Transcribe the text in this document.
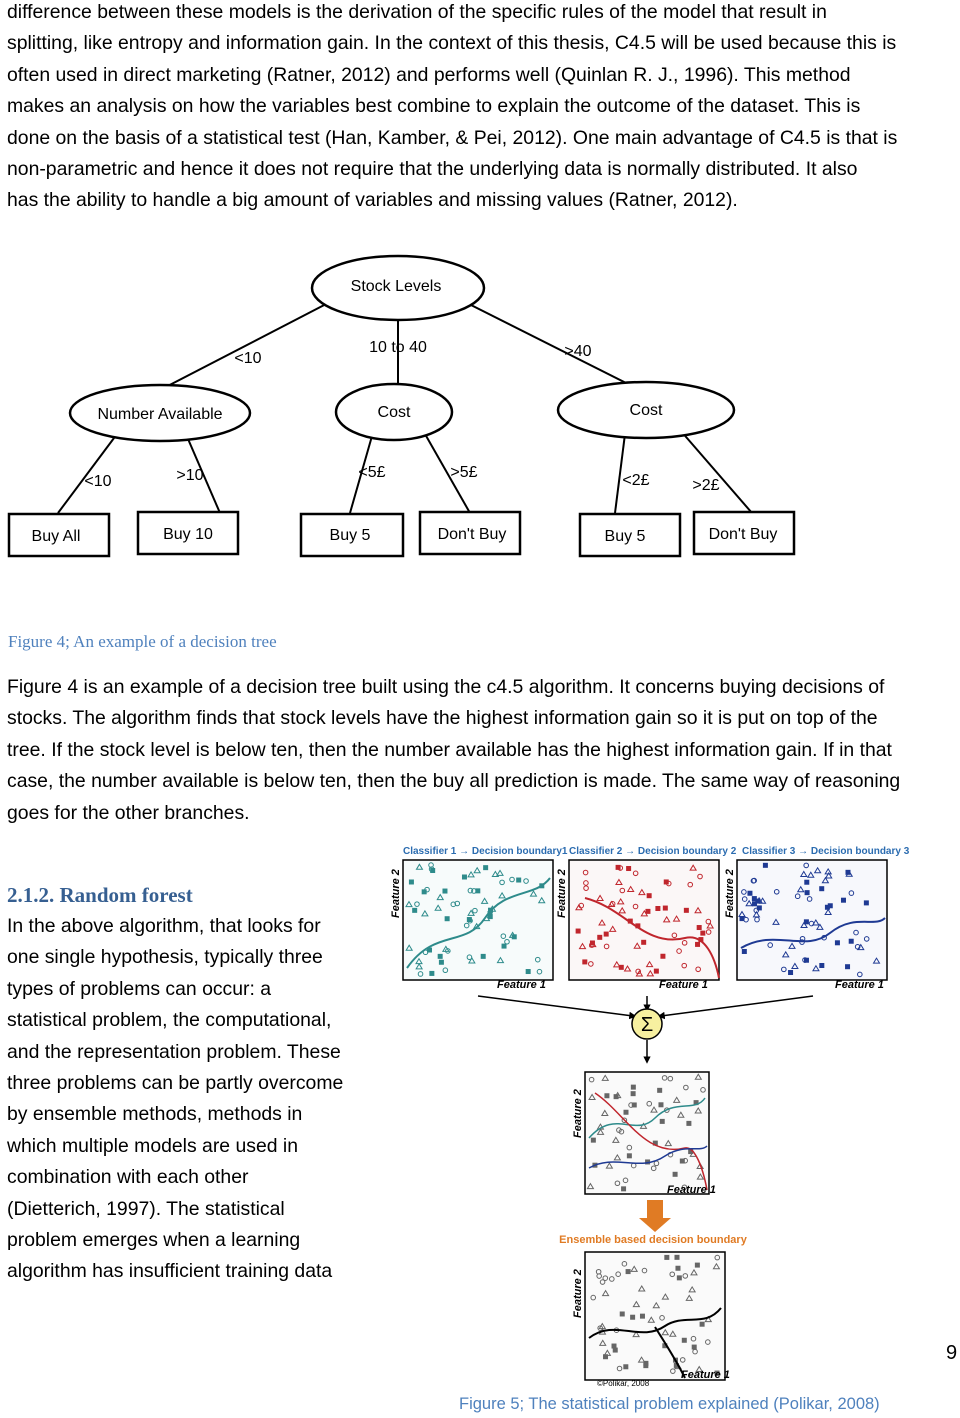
difference between these models is the derivation of the specific rules of the model that result in
splitting, like entropy and information gain. In the context of this thesis, C4.5 will be used because this is
often used in direct marketing (Ratner, 2012) and performs well (Quinlan R. J., 1996). This method
makes an analysis on how the variables best combine to explain the outcome of the dataset. This is
done on the basis of a statistical test (Han, Kamber, & Pei, 2012). One main advantage of C4.5 is that is
non-parametric and hence it does not require that the underlying data is normally distributed. It also
has the ability to handle a big amount of variables and missing values (Ratner, 2012).

Stock Levels
Number Available	Cost	Cost
<10
10 to 40	>40
<10	>10	<5£	>5£	<2£	>2£
Buy All	Buy 10	Buy 5	Don't Buy	Buy 5	Don't Buy
Figure 4; An example of a decision tree

Figure 4 is an example of a decision tree built using the c4.5 algorithm. It concerns buying decisions of
stocks. The algorithm finds that stock levels have the highest information gain so it is put on top of the
tree. If the stock level is below ten, then the number available has the highest information gain. If in that
case, the number available is below ten, then the buy all prediction is made. The same way of reasoning
goes for the other branches.

2.1.2. Random forest

In the above algorithm, that looks for
one single hypothesis, typically three
types of problems can occur: a
statistical problem, the computational,
and the representation problem. These
three problems can be partly overcome
by ensemble methods, methods in
which multiple models are used in
combination with each other
(Dietterich, 1997). The statistical
problem emerges when a learning
algorithm has insufficient training data

Classifier 1 → Decision boundary1 Classifier 2 → Decision boundary 2 Classifier 3 → Decision boundary 3
Feature 1	Feature 1	Feature 1
Feature 2	Feature 2	Feature 2
Σ
Feature 2
Feature 1
Ensemble based decision boundary
Feature 2
Feature 1
©Polikar, 2008
Figure 5; The statistical problem explained (Polikar, 2008)
9
